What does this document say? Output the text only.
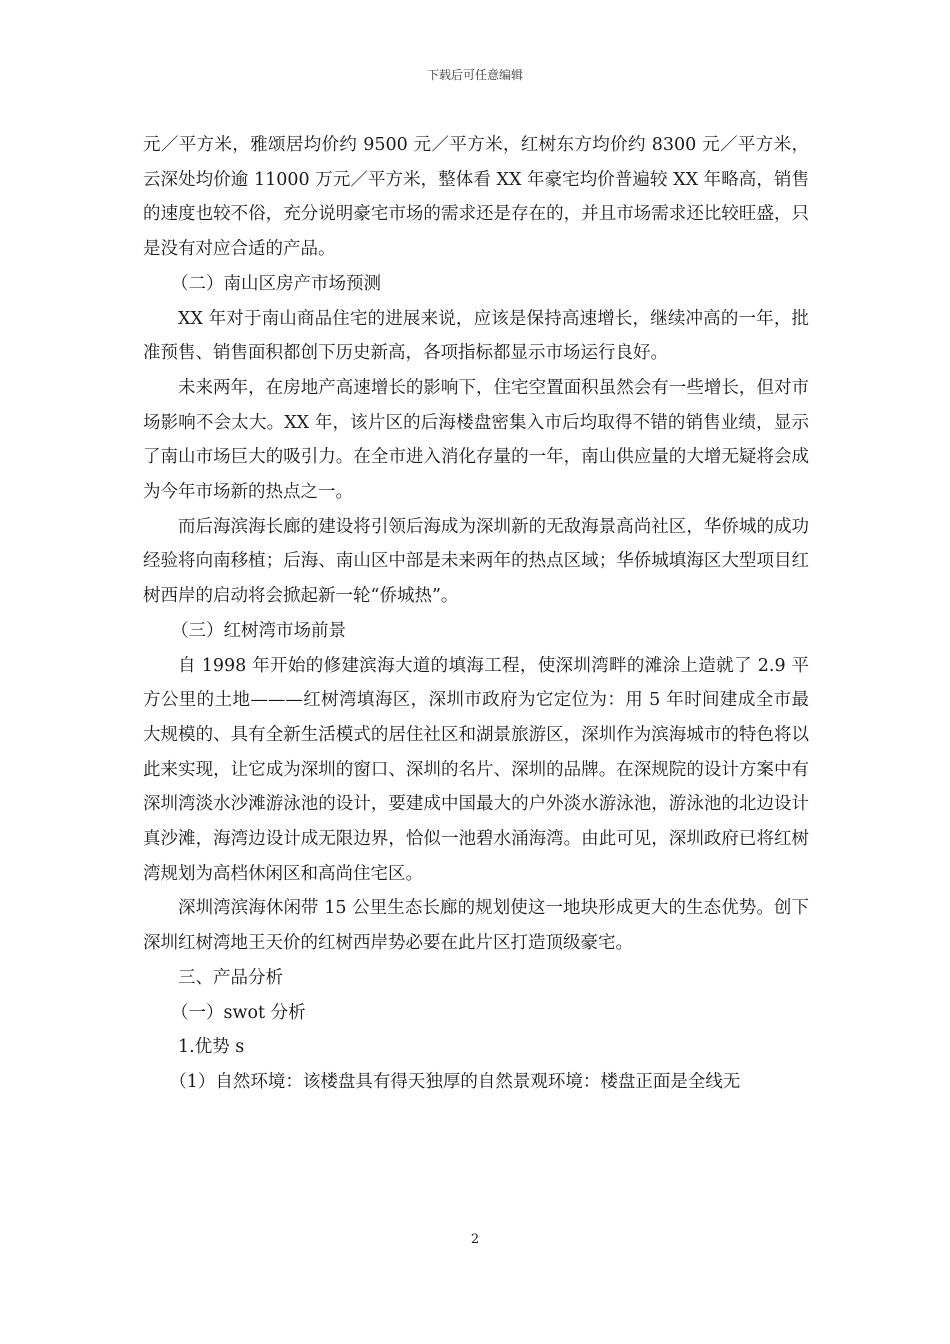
下载后可任意编辑

元／平方米，雅颂居均价约 9500 元／平方米，红树东方均价约 8300 元／平方米，云深处均价逾 11000 万元／平方米，整体看 XX 年豪宅均价普遍较 XX 年略高，销售的速度也较不俗，充分说明豪宅市场的需求还是存在的，并且市场需求还比较旺盛，只是没有对应合适的产品。

（二）南山区房产市场预测

XX 年对于南山商品住宅的进展来说，应该是保持高速增长，继续冲高的一年，批准预售、销售面积都创下历史新高，各项指标都显示市场运行良好。

未来两年，在房地产高速增长的影响下，住宅空置面积虽然会有一些增长，但对市场影响不会太大。XX 年，该片区的后海楼盘密集入市后均取得不错的销售业绩，显示了南山市场巨大的吸引力。在全市进入消化存量的一年，南山供应量的大增无疑将会成为今年市场新的热点之一。

而后海滨海长廊的建设将引领后海成为深圳新的无敌海景高尚社区，华侨城的成功经验将向南移植；后海、南山区中部是未来两年的热点区域；华侨城填海区大型项目红树西岸的启动将会掀起新一轮“侨城热”。

（三）红树湾市场前景

自 1998 年开始的修建滨海大道的填海工程，使深圳湾畔的滩涂上造就了 2.9 平方公里的土地———红树湾填海区，深圳市政府为它定位为：用 5 年时间建成全市最大规模的、具有全新生活模式的居住社区和湖景旅游区，深圳作为滨海城市的特色将以此来实现，让它成为深圳的窗口、深圳的名片、深圳的品牌。在深规院的设计方案中有深圳湾淡水沙滩游泳池的设计，要建成中国最大的户外淡水游泳池，游泳池的北边设计真沙滩，海湾边设计成无限边界，恰似一池碧水涌海湾。由此可见，深圳政府已将红树湾规划为高档休闲区和高尚住宅区。

深圳湾滨海休闲带 15 公里生态长廊的规划使这一地块形成更大的生态优势。创下深圳红树湾地王天价的红树西岸势必要在此片区打造顶级豪宅。

三、产品分析

（一）swot 分析

1.优势 s

（1）自然环境：该楼盘具有得天独厚的自然景观环境：楼盘正面是全线无

2
